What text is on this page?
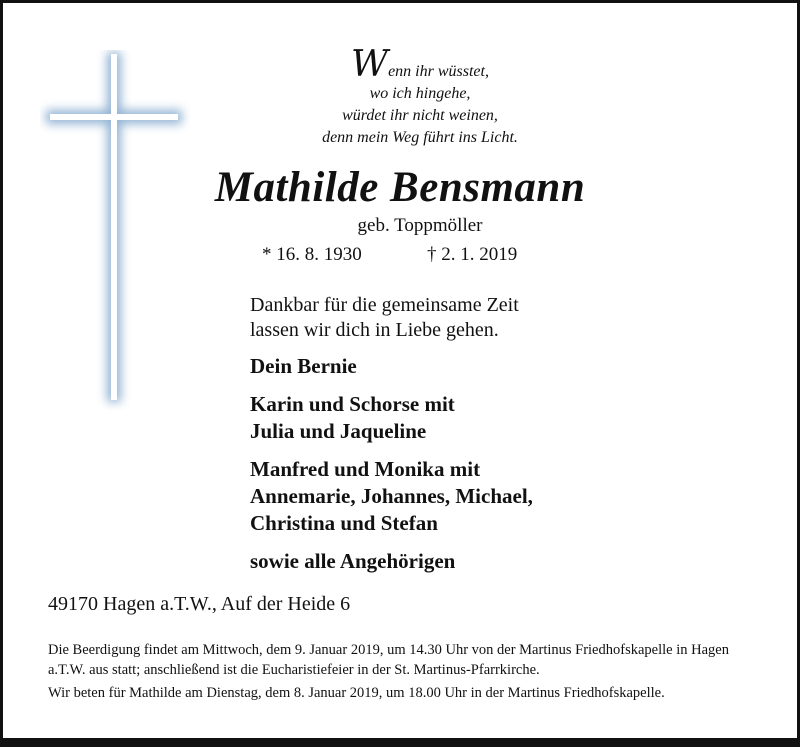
Wenn ihr wüsstet,
wo ich hingehe,
würdet ihr nicht weinen,
denn mein Weg führt ins Licht.
Mathilde Bensmann
geb. Toppmöller
* 16. 8. 1930	† 2. 1. 2019
Dankbar für die gemeinsame Zeit
lassen wir dich in Liebe gehen.
Dein Bernie
Karin und Schorse mit
Julia und Jaqueline
Manfred und Monika mit
Annemarie, Johannes, Michael,
Christina und Stefan
sowie alle Angehörigen
49170 Hagen a.T.W., Auf der Heide 6

Die Beerdigung findet am Mittwoch, dem 9. Januar 2019, um 14.30 Uhr von der Martinus Friedhofskapelle in Hagen a.T.W. aus statt; anschließend ist die Eucharistiefeier in der St. Martinus-Pfarrkirche.

Wir beten für Mathilde am Dienstag, dem 8. Januar 2019, um 18.00 Uhr in der Martinus Friedhofskapelle.
